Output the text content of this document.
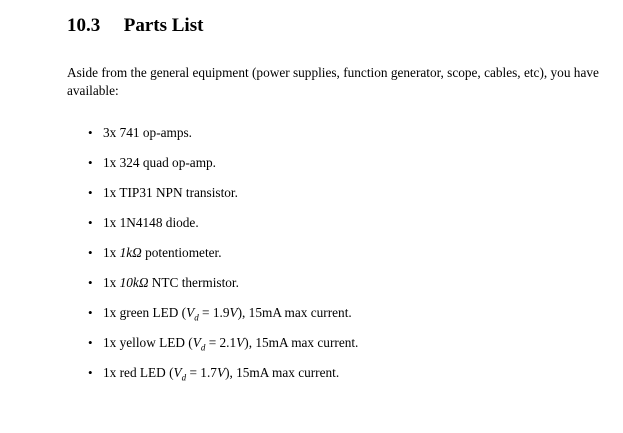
10.3 Parts List

Aside from the general equipment (power supplies, function generator, scope, cables, etc), you have available:

• 3x 741 op-amps.
• 1x 324 quad op-amp.
• 1x TIP31 NPN transistor.
• 1x 1N4148 diode.
• 1x 1kΩ potentiometer.
• 1x 10kΩ NTC thermistor.
• 1x green LED $(V_d = 1.9V)$, 15mA max current.
• 1x yellow LED $(V_d = 2.1V)$, 15mA max current.
• 1x red LED $(V_d = 1.7V)$, 15mA max current.
